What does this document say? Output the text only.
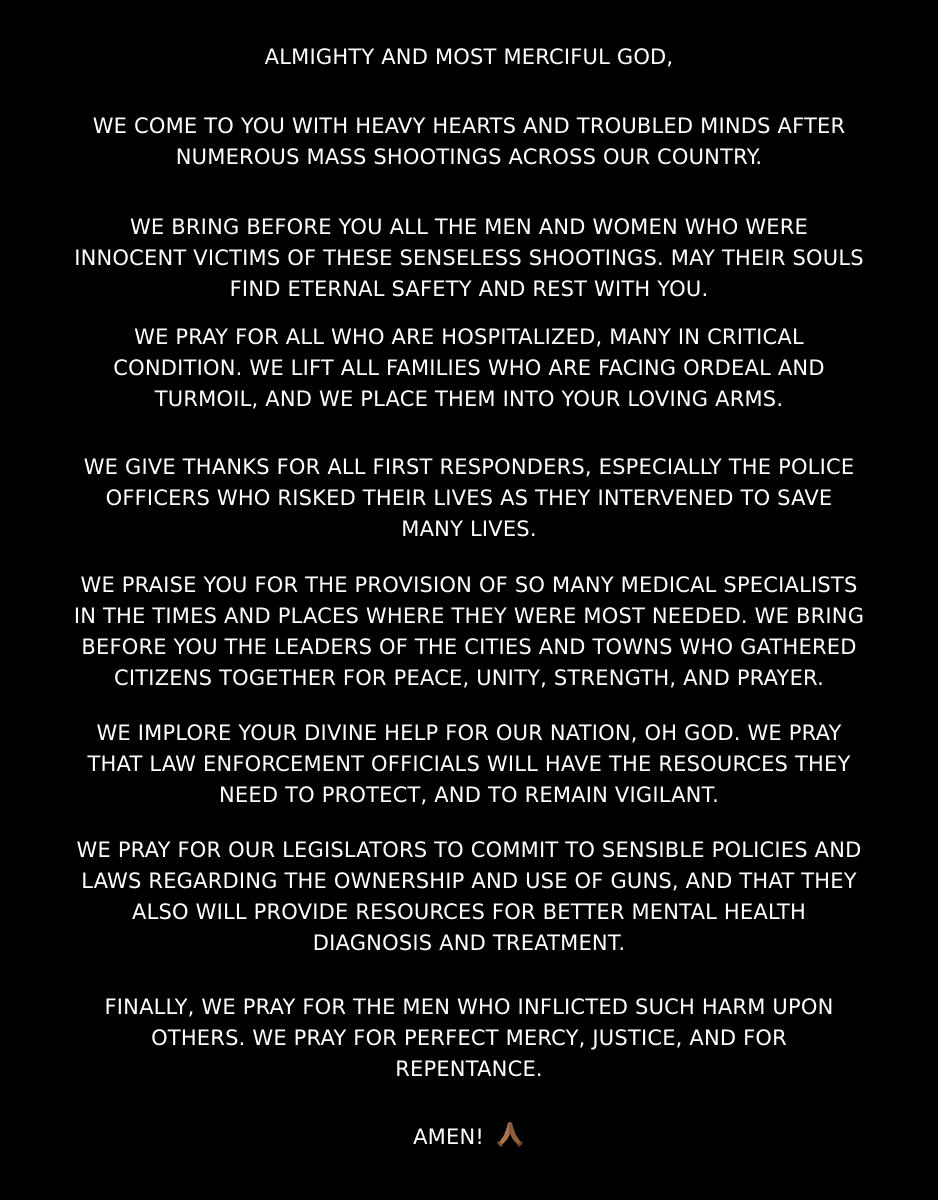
ALMIGHTY AND MOST MERCIFUL GOD,

WE COME TO YOU WITH HEAVY HEARTS AND TROUBLED MINDS AFTER
NUMEROUS MASS SHOOTINGS ACROSS OUR COUNTRY.

WE BRING BEFORE YOU ALL THE MEN AND WOMEN WHO WERE
INNOCENT VICTIMS OF THESE SENSELESS SHOOTINGS. MAY THEIR SOULS
FIND ETERNAL SAFETY AND REST WITH YOU.

WE PRAY FOR ALL WHO ARE HOSPITALIZED, MANY IN CRITICAL
CONDITION. WE LIFT ALL FAMILIES WHO ARE FACING ORDEAL AND
TURMOIL, AND WE PLACE THEM INTO YOUR LOVING ARMS.

WE GIVE THANKS FOR ALL FIRST RESPONDERS, ESPECIALLY THE POLICE
OFFICERS WHO RISKED THEIR LIVES AS THEY INTERVENED TO SAVE
MANY LIVES.

WE PRAISE YOU FOR THE PROVISION OF SO MANY MEDICAL SPECIALISTS
IN THE TIMES AND PLACES WHERE THEY WERE MOST NEEDED. WE BRING
BEFORE YOU THE LEADERS OF THE CITIES AND TOWNS WHO GATHERED
CITIZENS TOGETHER FOR PEACE, UNITY, STRENGTH, AND PRAYER.

WE IMPLORE YOUR DIVINE HELP FOR OUR NATION, OH GOD. WE PRAY
THAT LAW ENFORCEMENT OFFICIALS WILL HAVE THE RESOURCES THEY
NEED TO PROTECT, AND TO REMAIN VIGILANT.

WE PRAY FOR OUR LEGISLATORS TO COMMIT TO SENSIBLE POLICIES AND
LAWS REGARDING THE OWNERSHIP AND USE OF GUNS, AND THAT THEY
ALSO WILL PROVIDE RESOURCES FOR BETTER MENTAL HEALTH
DIAGNOSIS AND TREATMENT.

FINALLY, WE PRAY FOR THE MEN WHO INFLICTED SUCH HARM UPON
OTHERS. WE PRAY FOR PERFECT MERCY, JUSTICE, AND FOR
REPENTANCE.

AMEN!
